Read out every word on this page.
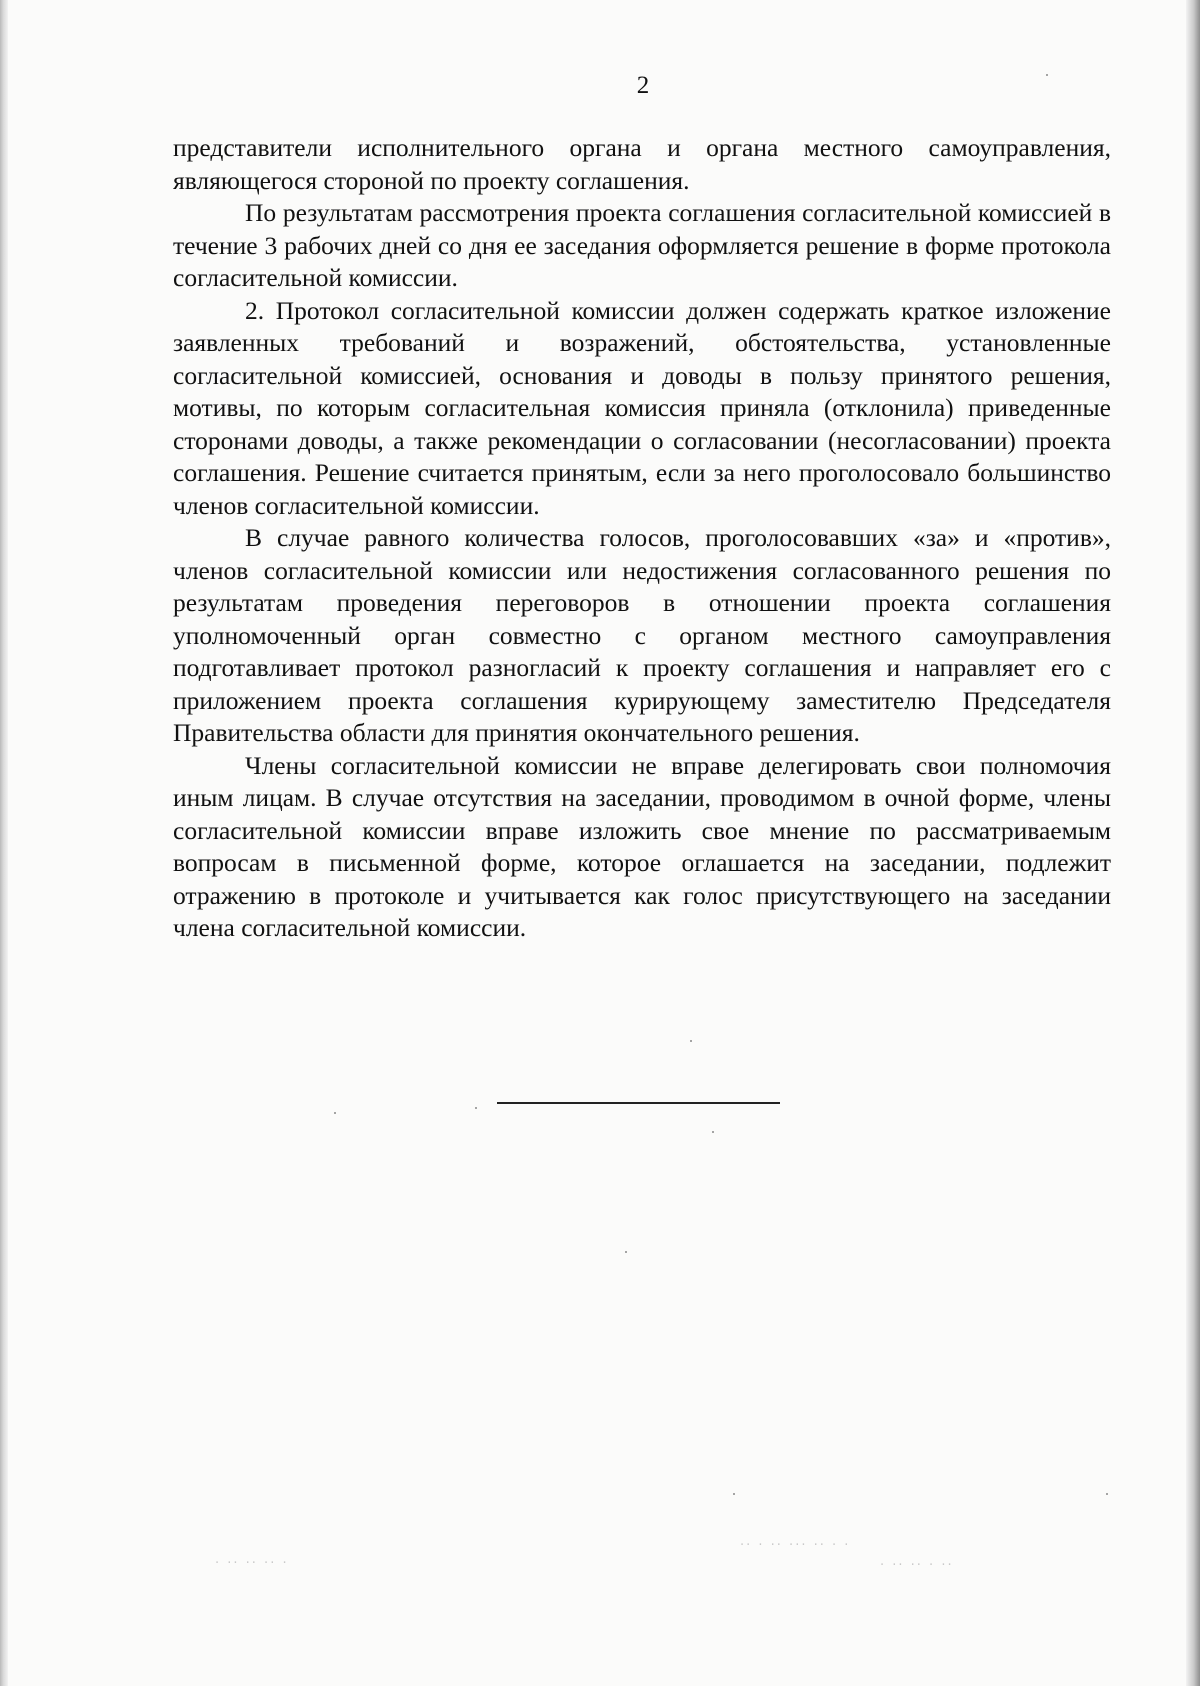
2

представители исполнительного органа и органа местного самоуправления, являющегося стороной по проекту соглашения.

По результатам рассмотрения проекта соглашения согласительной комиссией в течение 3 рабочих дней со дня ее заседания оформляется решение в форме протокола согласительной комиссии.

2. Протокол согласительной комиссии должен содержать краткое изложение заявленных требований и возражений, обстоятельства, установленные согласительной комиссией, основания и доводы в пользу принятого решения, мотивы, по которым согласительная комиссия приняла (отклонила) приведенные сторонами доводы, а также рекомендации о согласовании (несогласовании) проекта соглашения. Решение считается принятым, если за него проголосовало большинство членов согласительной комиссии.

В случае равного количества голосов, проголосовавших «за» и «против», членов согласительной комиссии или недостижения согласованного решения по результатам проведения переговоров в отношении проекта соглашения уполномоченный орган совместно с органом местного самоуправления подготавливает протокол разногласий к проекту соглашения и направляет его с приложением проекта соглашения курирующему заместителю Председателя Правительства области для принятия окончательного решения.

Члены согласительной комиссии не вправе делегировать свои полномочия иным лицам. В случае отсутствия на заседании, проводимом в очной форме, члены согласительной комиссии вправе изложить свое мнение по рассматриваемым вопросам в письменной форме, которое оглашается на заседании, подлежит отражению в протоколе и учитывается как голос присутствующего на заседании члена согласительной комиссии.

· ·· ·· ·· ·
·· · ·· ··· ·· · ·
· ·· ·· · ··
